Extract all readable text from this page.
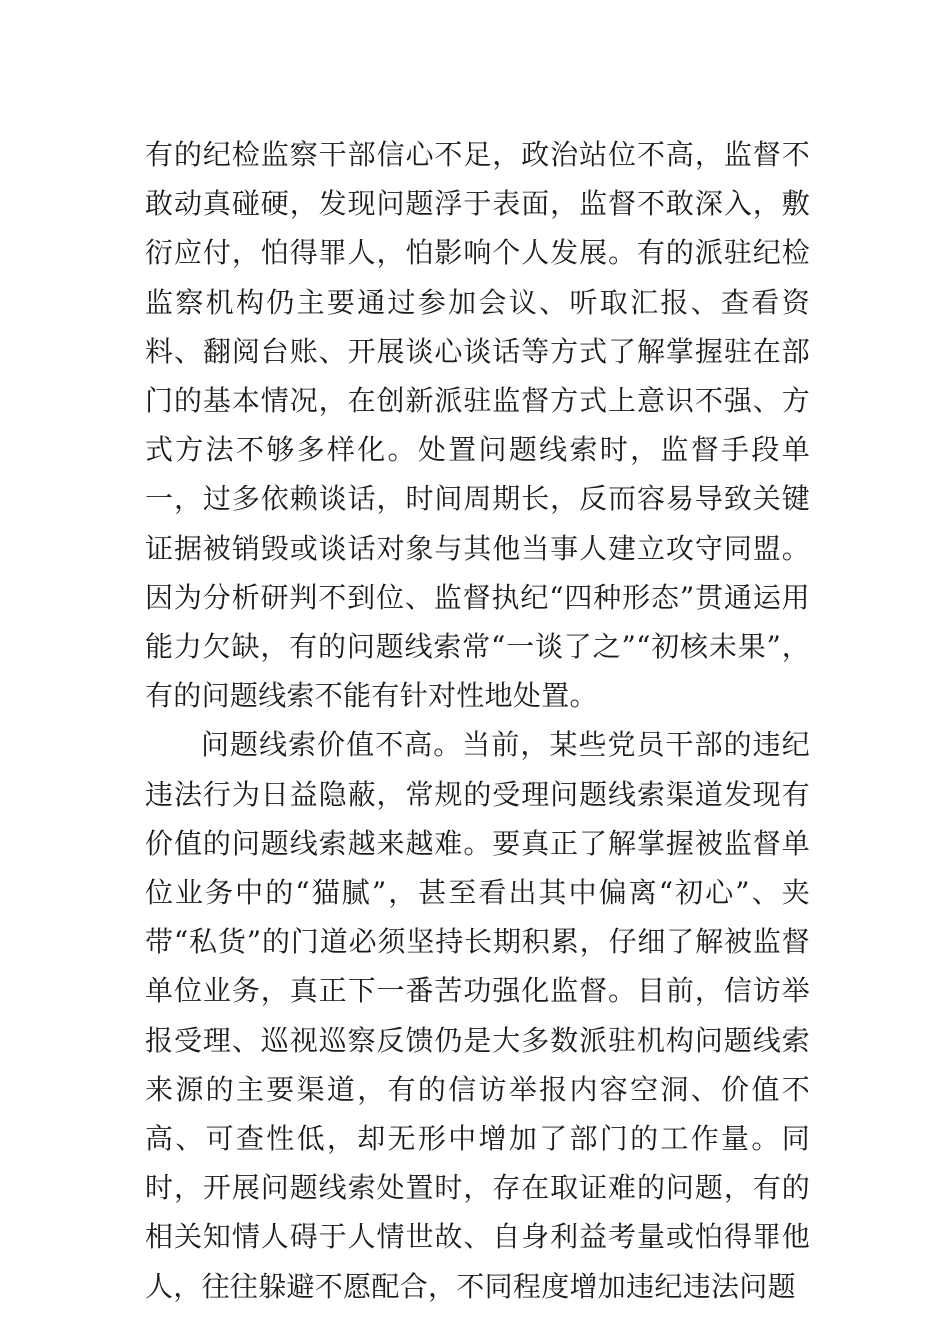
有的纪检监察干部信心不足，政治站位不高，监督不敢动真碰硬，发现问题浮于表面，监督不敢深入，敷衍应付，怕得罪人，怕影响个人发展。有的派驻纪检监察机构仍主要通过参加会议、听取汇报、查看资料、翻阅台账、开展谈心谈话等方式了解掌握驻在部门的基本情况，在创新派驻监督方式上意识不强、方式方法不够多样化。处置问题线索时，监督手段单一，过多依赖谈话，时间周期长，反而容易导致关键证据被销毁或谈话对象与其他当事人建立攻守同盟。因为分析研判不到位、监督执纪“四种形态”贯通运用能力欠缺，有的问题线索常“一谈了之”“初核未果”，有的问题线索不能有针对性地处置。

问题线索价值不高。当前，某些党员干部的违纪违法行为日益隐蔽，常规的受理问题线索渠道发现有价值的问题线索越来越难。要真正了解掌握被监督单位业务中的“猫腻”，甚至看出其中偏离“初心”、夹带“私货”的门道必须坚持长期积累，仔细了解被监督单位业务，真正下一番苦功强化监督。目前，信访举报受理、巡视巡察反馈仍是大多数派驻机构问题线索来源的主要渠道，有的信访举报内容空洞、价值不高、可查性低，却无形中增加了部门的工作量。同时，开展问题线索处置时，存在取证难的问题，有的相关知情人碍于人情世故、自身利益考量或怕得罪他人，往往躲避不愿配合，不同程度增加违纪违法问题
